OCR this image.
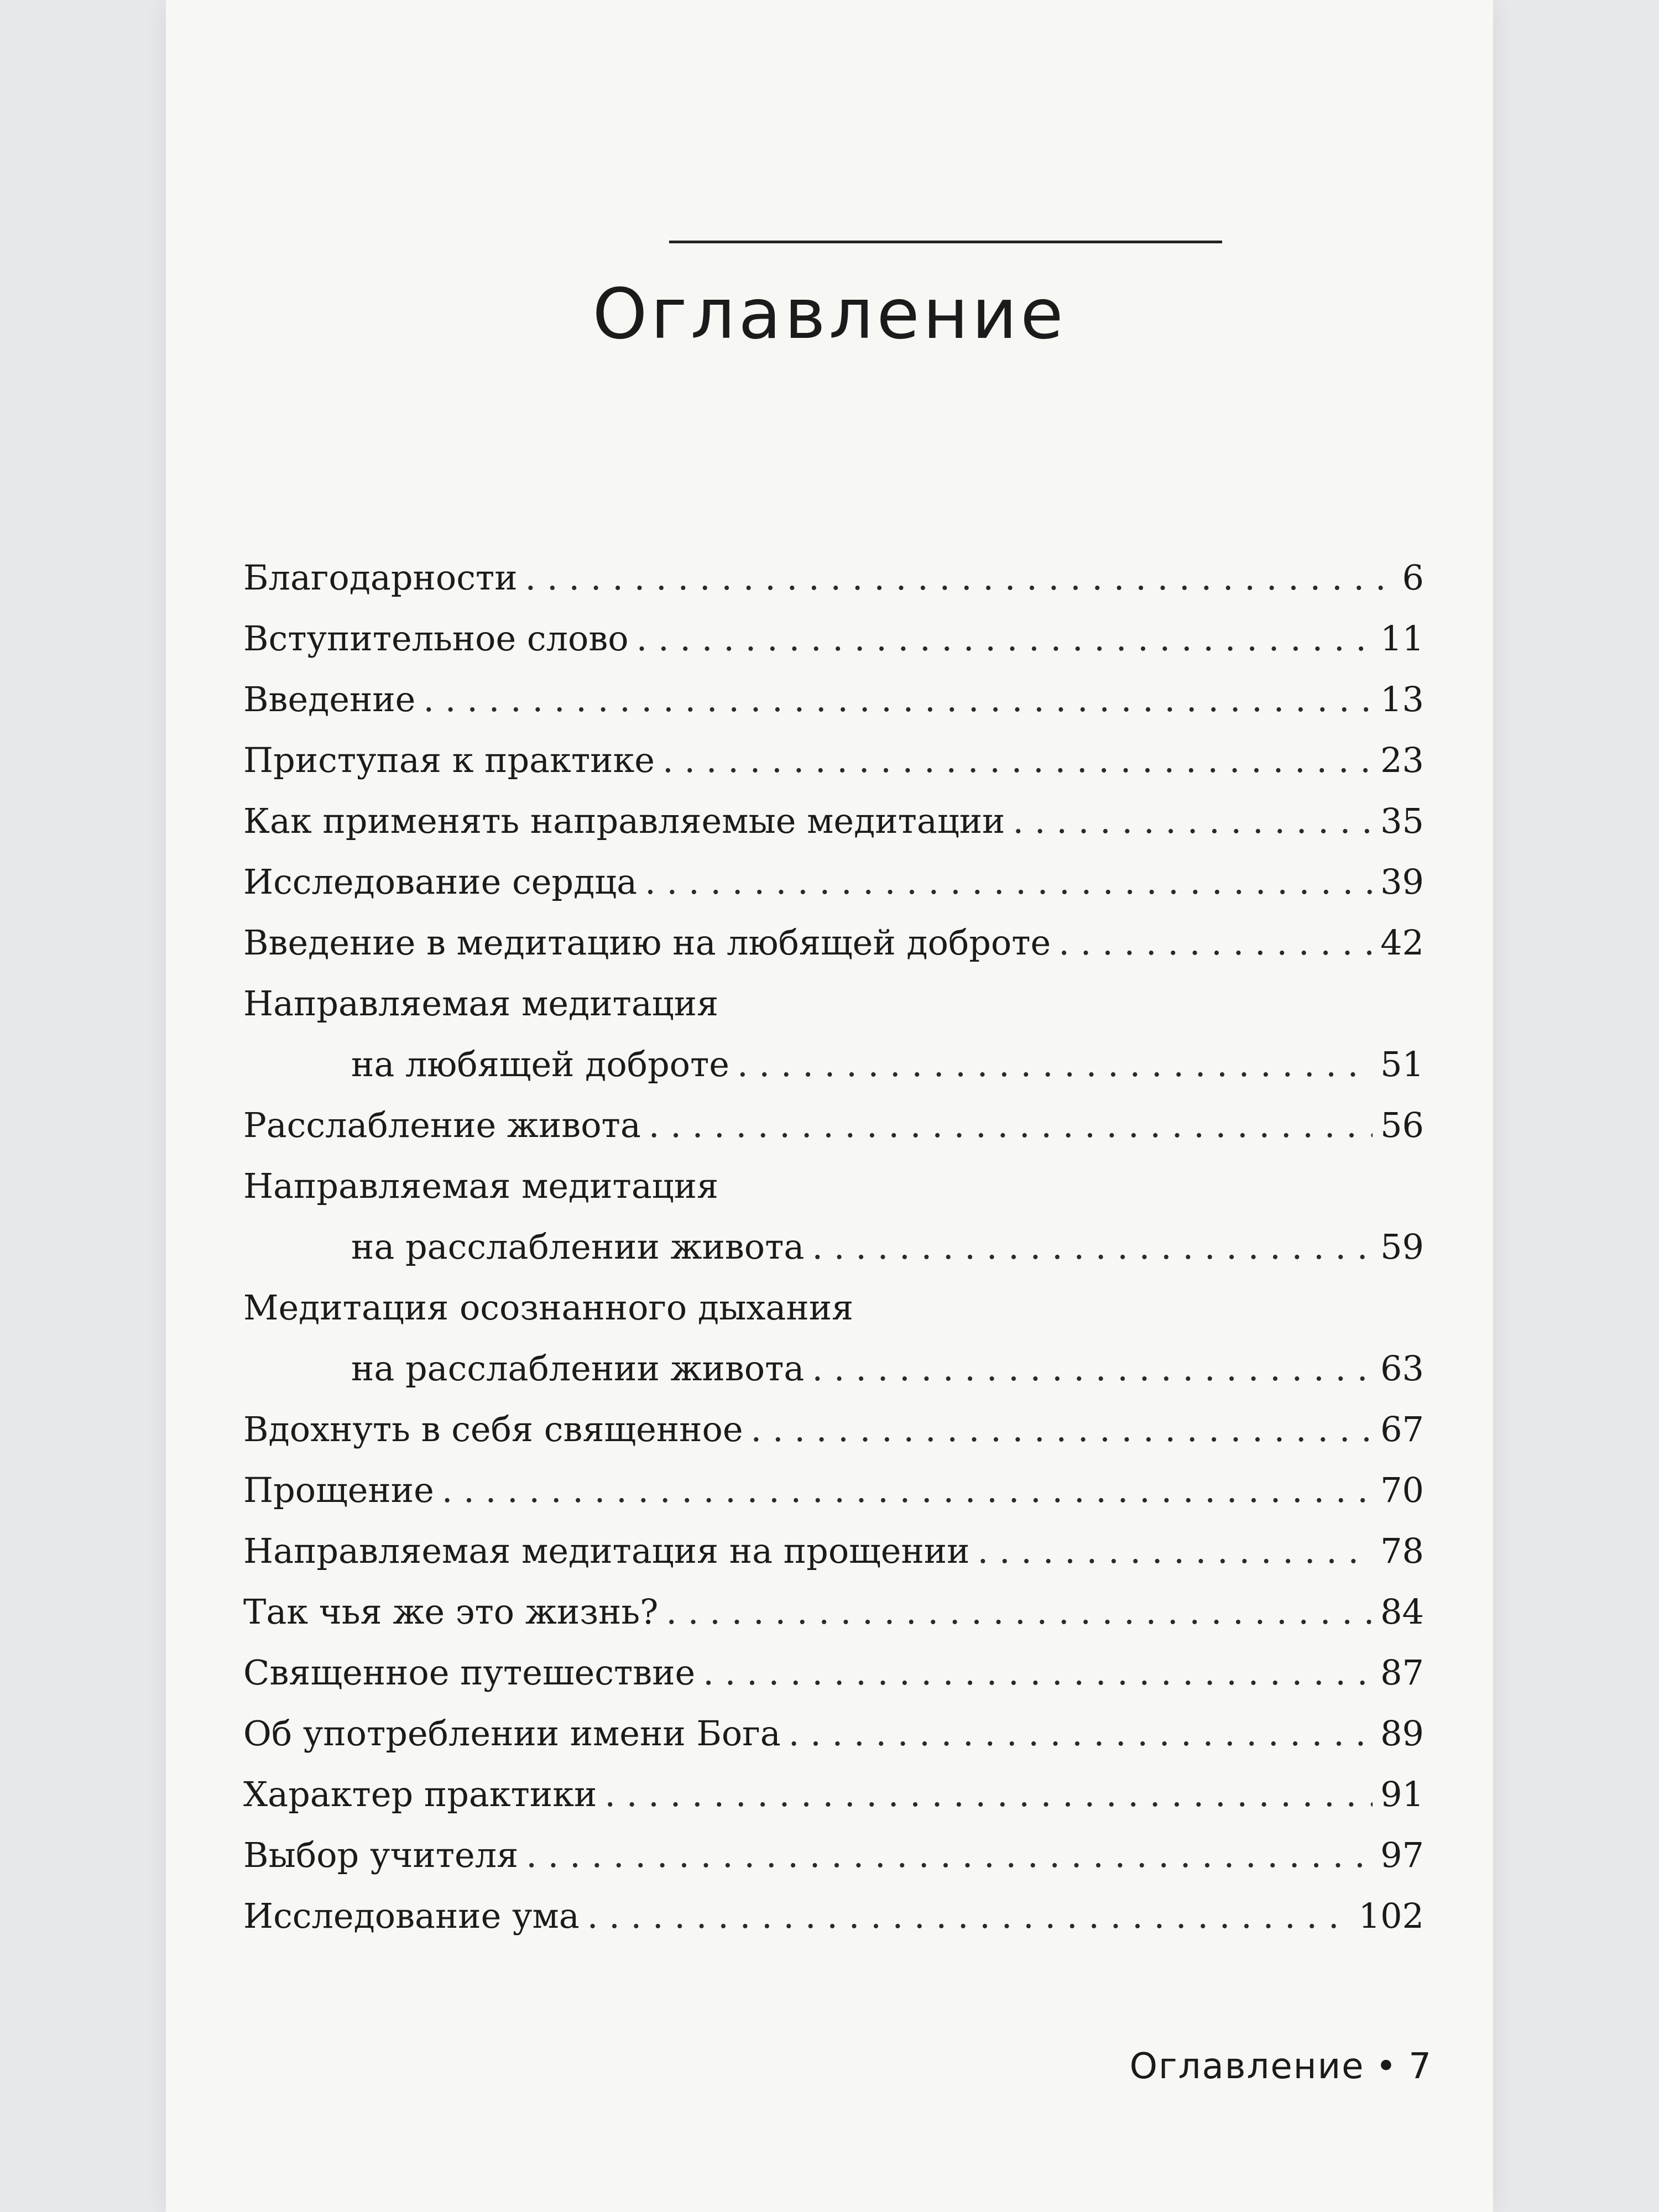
Оглавление
Благодарности . . .	6
Вступительное слово . . .	11
Введение . . .	13
Приступая к практике . . .	23
Как применять направляемые медитации . . .	35
Исследование сердца . . .	39
Введение в медитацию на любящей доброте . . .	42
Направляемая медитация
на любящей доброте . . .	51
Расслабление живота . . .	56
Направляемая медитация
на расслаблении живота . . .	59
Медитация осознанного дыхания
на расслаблении живота . . .	63
Вдохнуть в себя священное . . .	67
Прощение . . .	70
Направляемая медитация на прощении . . .	78
Так чья же это жизнь? . . .	84
Священное путешествие . . .	87
Об употреблении имени Бога . . .	89
Характер практики . . .	91
Выбор учителя . . .	97
Исследование ума . . .	102
Оглавление • 7
